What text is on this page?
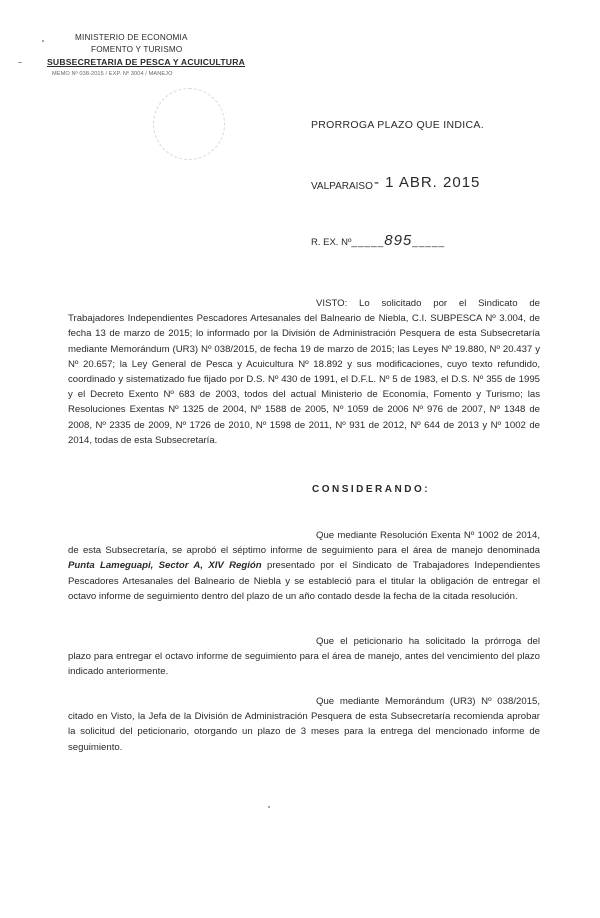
MINISTERIO DE ECONOMIA
FOMENTO Y TURISMO
SUBSECRETARIA DE PESCA Y ACUICULTURA
MEMO Nº 038-2015 / EXP. Nº 3004 / MANEJO
PRORROGA PLAZO QUE INDICA.
VALPARAISO - 1 ABR. 2015
R. EX. Nº_____895_____

VISTO: Lo solicitado por el Sindicato de Trabajadores Independientes Pescadores Artesanales del Balneario de Niebla, C.I. SUBPESCA Nº 3.004, de fecha 13 de marzo de 2015; lo informado por la División de Administración Pesquera de esta Subsecretaría mediante Memorándum (UR3) Nº 038/2015, de fecha 19 de marzo de 2015; las Leyes Nº 19.880, Nº 20.437 y Nº 20.657; la Ley General de Pesca y Acuicultura Nº 18.892 y sus modificaciones, cuyo texto refundido, coordinado y sistematizado fue fijado por D.S. Nº 430 de 1991, el D.F.L. Nº 5 de 1983, el D.S. Nº 355 de 1995 y el Decreto Exento Nº 683 de 2003, todos del actual Ministerio de Economía, Fomento y Turismo; las Resoluciones Exentas Nº 1325 de 2004, Nº 1588 de 2005, Nº 1059 de 2006 Nº 976 de 2007, Nº 1348 de 2008, Nº 2335 de 2009, Nº 1726 de 2010, Nº 1598 de 2011, Nº 931 de 2012, Nº 644 de 2013 y Nº 1002 de 2014, todas de esta Subsecretaría.

CONSIDERANDO:

Que mediante Resolución Exenta Nº 1002 de 2014, de esta Subsecretaría, se aprobó el séptimo informe de seguimiento para el área de manejo denominada Punta Lameguapi, Sector A, XIV Región presentado por el Sindicato de Trabajadores Independientes Pescadores Artesanales del Balneario de Niebla y se estableció para el titular la obligación de entregar el octavo informe de seguimiento dentro del plazo de un año contado desde la fecha de la citada resolución.

Que el peticionario ha solicitado la prórroga del plazo para entregar el octavo informe de seguimiento para el área de manejo, antes del vencimiento del plazo indicado anteriormente.

Que mediante Memorándum (UR3) Nº 038/2015, citado en Visto, la Jefa de la División de Administración Pesquera de esta Subsecretaría recomienda aprobar la solicitud del peticionario, otorgando un plazo de 3 meses para la entrega del mencionado informe de seguimiento.
